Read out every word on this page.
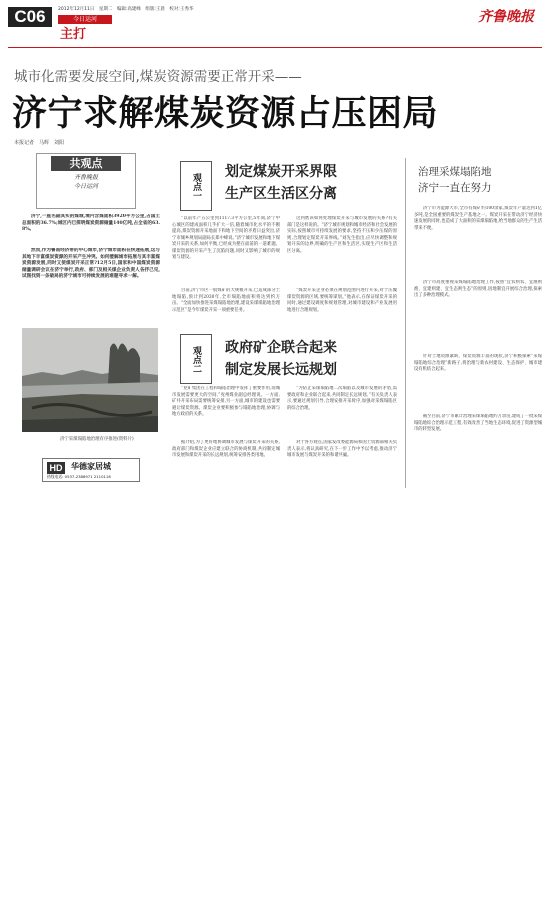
C06	2012年12月11日　星期二　编辑:高建峰　组版:王晨　校对:王秀华
今日运河
主打
齐鲁晚报
城市化需要发展空间,煤炭资源需要正常开采——
济宁求解煤炭资源占压困局
本报记者　马辉　刘阳
共观点
齐鲁晚报
今日运河
济宁,一座名副其实的煤城,境内含煤面积3920平方公里,占国土总面积的36.7%;城区内已探明煤炭资源储量140亿吨,占全省的63.8%。
然而,作为鲁南经济带的中心城市,济宁城市面积在快速拓展,这与其地下丰富煤炭资源的开采产生冲突。如何缓解城市拓展与其丰富煤炭资源发展,同时又使煤炭开采正常?12月5日,国家和中国煤炭资源储量调研会议在济宁举行,政府、部门及相关煤企业负责人各抒己见,试图找到一条破局的济宁城市可持续发展的难题寻求一解。
济宁采煤塌陷地治理有序推进(资料片)
HD	华德家居城
热线电话: 0537-2388971 2110118
观点一
划定煤炭开采界限
生产区生活区分离
“以前年产五公里到1117.3平方公里,5年间,济宁中心城区的建成面积几乎扩大一倍,随着城市化水平的不断提高,煤炭资源开采地面下和地下空间的矛盾日益突出,济宁市城乡规划局副局长郑中峰说。”济宁城市发展和地下煤炭开采的关系,如何平衡,已经成为摆在面前的一道难题。煤炭资源的开采产生了沉陷问题,同时又影响了城市的规划与建设。
目前,济宁市区一般煤矿的大规模开采,已造成部分土地塌陷,预计到2030年,全市塌陷地面积将达到约万亩。“全面加快推进采煤塌陷地治理,建设采煤塌陷地治理示范区”是今年煤炭开采一项重要任务。
这到底该如何处理煤炭开采与城市发展的关系?有关部门是这样说的。“济宁城市规划和城市经济和社会发展的实际,按照城市可持续发展的要求,坚持不压和少压煤的原则,合理划定煤炭开采界线。”刘先生指出,应尽快调整和规划开采的边界,明确的生产区和生活区,实现生产区和生活区分离。
“煤炭开采企业必须在规划范围内进行开采,对于压覆煤炭资源的区域,要统筹谋划。”他表示,在保证煤炭开采的同时,通过建设调度和规划管理,对城市建设和产业发展用地进行合理规划。
观点二 政府矿企联合起来
制定发展长远规划
“兖矿集团在工程和塌陷治理中发挥了重要作用,而城市发展需要更大的空间,”兖州煤业副总经理说。一方面,矿井开采布局需要统筹安排,另一方面,城市的建设也需要避让煤炭资源。煤炭企业要积极参与塌陷地治理,协调与地方政府的关系。
据介绍,为了更好地协调城市发展与煤炭开采的关系,政府部门和煤炭企业应建立联合的协商机制,共同制定城市发展和煤炭开采的长远规划,统筹安排各类用地。
“为防止采煤塌陷地二次塌陷以及城市发展的矛盾,需要政府和企业联合起来,共同制定长远规划。”有关负责人表示,要通过规划引导,合理安排开采时序,加强对采煤塌陷区的综合治理。
对于各方观点,国家发改委能源局和国土资源部相关负责人表示,将认真研究,在下一步工作中予以考虑,推动济宁城市发展与煤炭开采的和谐共赢。
治理采煤塌陷地
济宁一直在努力
济宁市为能源大市,全市有煤矿约100余家,煤炭年产量达到1亿多吨,是全国重要的煤炭生产基地之一。煤炭开采在带动济宁经济快速发展的同时,也造成了大面积的采煤塌陷地,给当地群众的生产生活带来不便。
济宁市高度重视采煤塌陷地治理工作,按照“宜农则农、宜渔则渔、宜建则建、宜生态则生态”的原则,因地制宜开展综合治理,探索出了多种治理模式。
针对土地资源紧缺、煤炭资源丰富的现状,济宁积极探索“采煤塌陷地综合治理”新路子,将治理与新农村建设、生态保护、城市建设有机结合起来。
截至目前,济宁市累计治理采煤塌陷地约万余亩,建成了一批采煤塌陷地综合治理示范工程,有效改善了当地生态环境,促进了资源型城市的转型发展。
